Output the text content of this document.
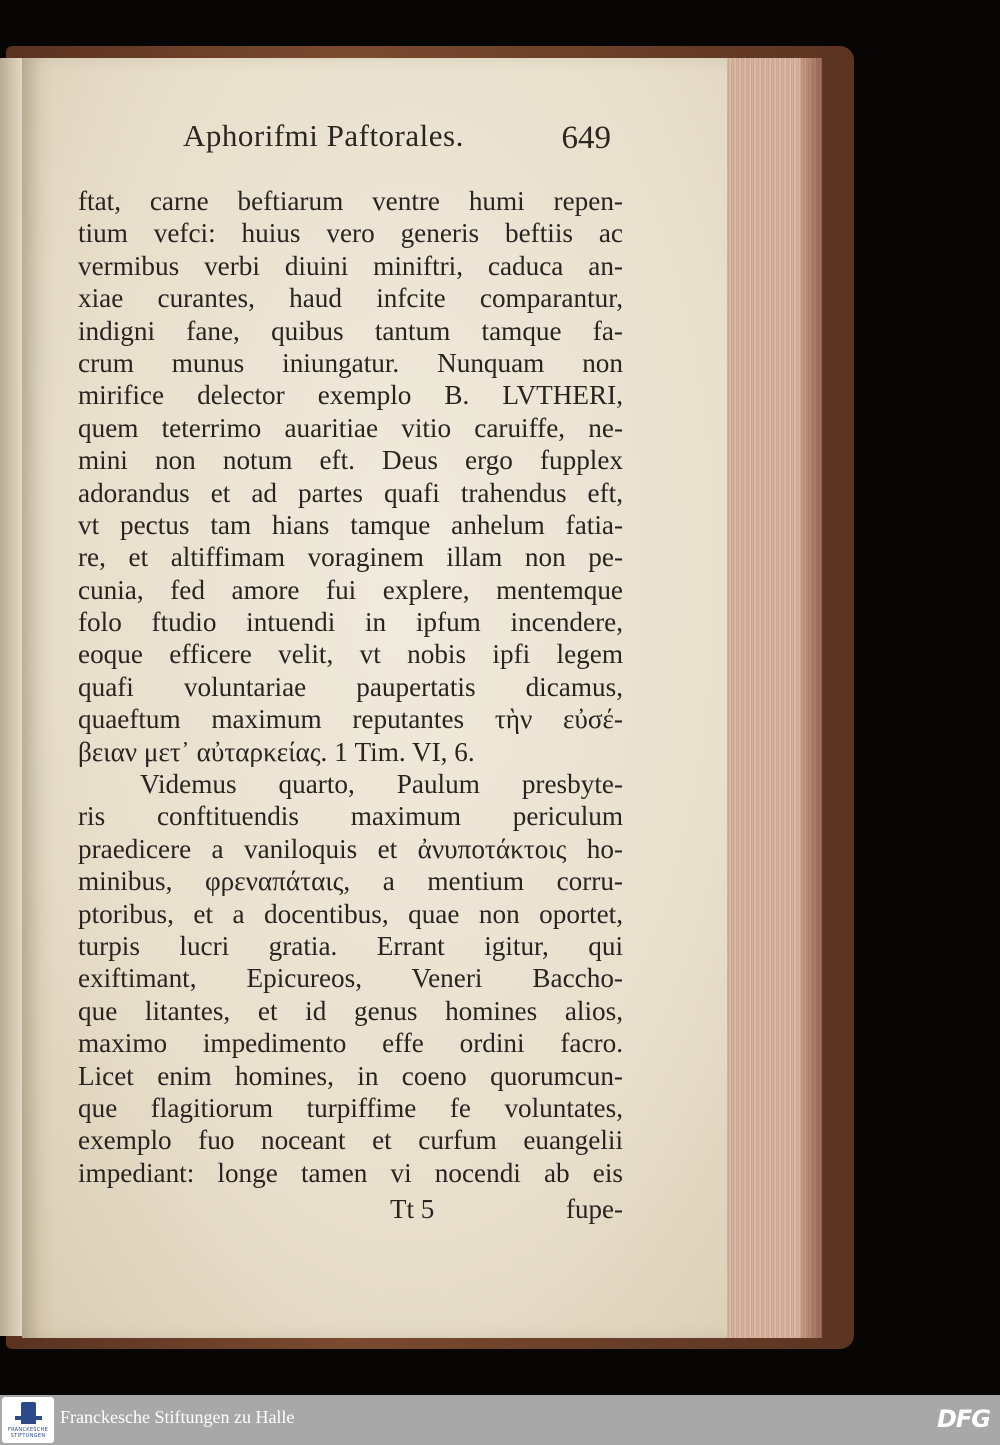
Aphorifmi Paftorales.	649
ftat, carne beftiarum ventre humi repen-
tium vefci: huius vero generis beftiis ac
vermibus verbi diuini miniftri, caduca an-
xiae curantes, haud infcite comparantur,
indigni fane, quibus tantum tamque fa-
crum munus iniungatur. Nunquam non
mirifice delector exemplo B. LVTHERI,
quem teterrimo auaritiae vitio caruiffe, ne-
mini non notum eft. Deus ergo fupplex
adorandus et ad partes quafi trahendus eft,
vt pectus tam hians tamque anhelum fatia-
re, et altiffimam voraginem illam non pe-
cunia, fed amore fui explere, mentemque
folo ftudio intuendi in ipfum incendere,
eoque efficere velit, vt nobis ipfi legem
quafi voluntariae paupertatis dicamus,
quaeftum maximum reputantes τὴν εὐσέ-
βειαν μετ᾽ αὐταρκείας. 1 Tim. VI, 6.
Videmus quarto, Paulum presbyte-
ris conftituendis maximum periculum
praedicere a vaniloquis et ἀνυποτάκτοις ho-
minibus, φρεναπάταις, a mentium corru-
ptoribus, et a docentibus, quae non oportet,
turpis lucri gratia. Errant igitur, qui
exiftimant, Epicureos, Veneri Baccho-
que litantes, et id genus homines alios,
maximo impedimento effe ordini facro.
Licet enim homines, in coeno quorumcun-
que flagitiorum turpiffime fe voluntates,
exemplo fuo noceant et curfum euangelii
impediant: longe tamen vi nocendi ab eis
Tt 5	fupe-
FRANCKESCHE STIFTUNGEN
Franckesche Stiftungen zu Halle	DFG
